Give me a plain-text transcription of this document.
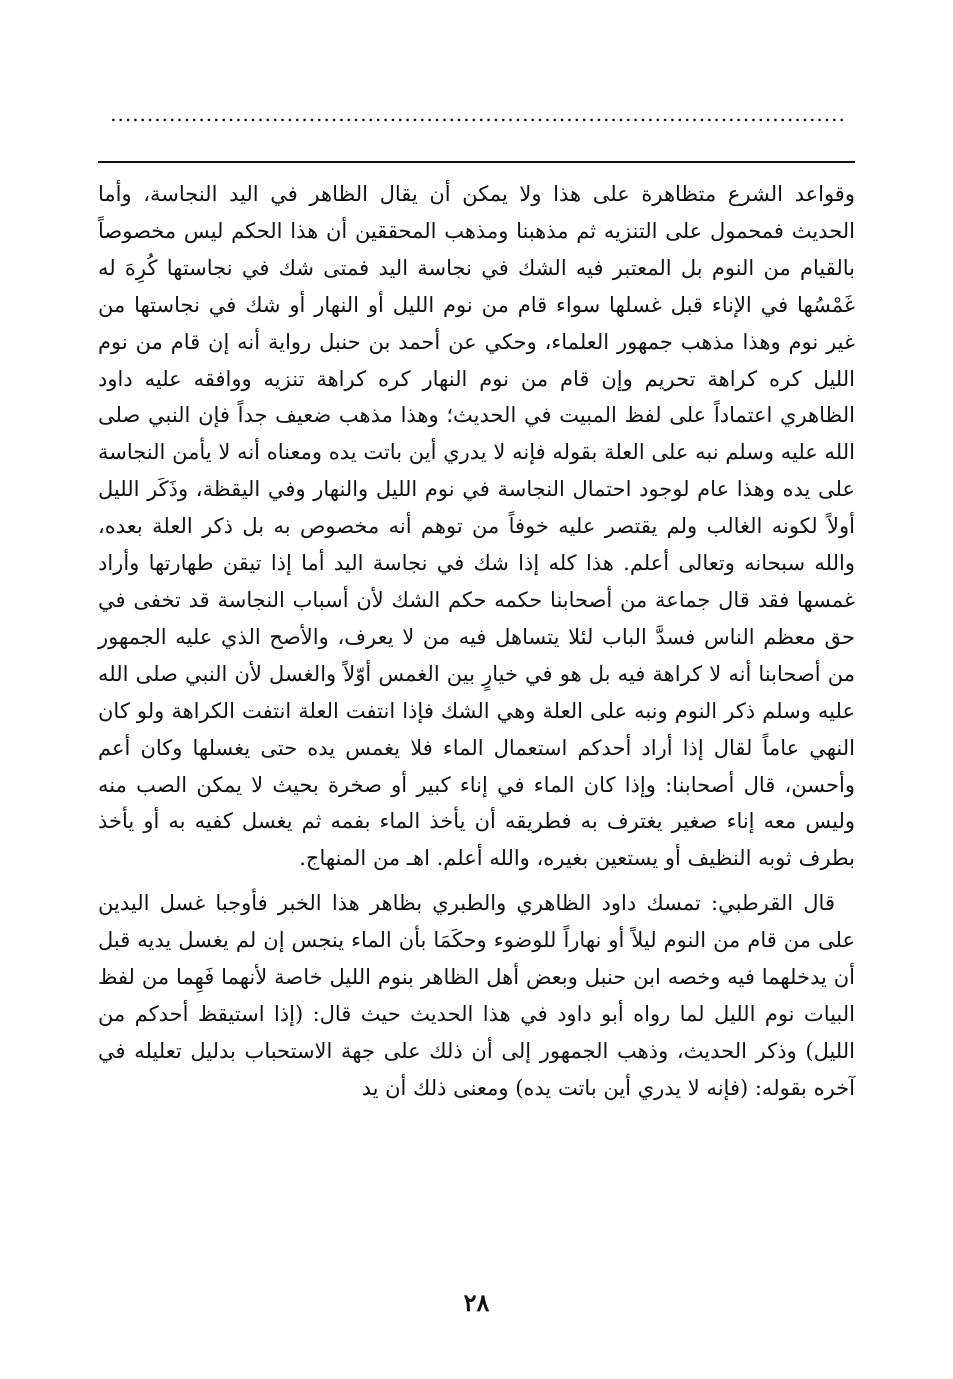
....................................................................................................

وقواعد الشرع متظاهرة على هذا ولا يمكن أن يقال الظاهر في اليد النجاسة، وأما الحديث فمحمول على التنزيه ثم مذهبنا ومذهب المحققين أن هذا الحكم ليس مخصوصاً بالقيام من النوم بل المعتبر فيه الشك في نجاسة اليد فمتى شك في نجاستها كُرِهَ له غَمْسُها في الإناء قبل غسلها سواء قام من نوم الليل أو النهار أو شك في نجاستها من غير نوم وهذا مذهب جمهور العلماء، وحكي عن أحمد بن حنبل رواية أنه إن قام من نوم الليل كره كراهة تحريم وإن قام من نوم النهار كره كراهة تنزيه ووافقه عليه داود الظاهري اعتماداً على لفظ المبيت في الحديث؛ وهذا مذهب ضعيف جداً فإن النبي صلى الله عليه وسلم نبه على العلة بقوله فإنه لا يدري أين باتت يده ومعناه أنه لا يأمن النجاسة على يده وهذا عام لوجود احتمال النجاسة في نوم الليل والنهار وفي اليقظة، وذَكَر الليل أولاً لكونه الغالب ولم يقتصر عليه خوفاً من توهم أنه مخصوص به بل ذكر العلة بعده، والله سبحانه وتعالى أعلم. هذا كله إذا شك في نجاسة اليد أما إذا تيقن طهارتها وأراد غمسها فقد قال جماعة من أصحابنا حكمه حكم الشك لأن أسباب النجاسة قد تخفى في حق معظم الناس فسدَّ الباب لئلا يتساهل فيه من لا يعرف، والأصح الذي عليه الجمهور من أصحابنا أنه لا كراهة فيه بل هو في خيارٍ بين الغمس أوّلاً والغسل لأن النبي صلى الله عليه وسلم ذكر النوم ونبه على العلة وهي الشك فإذا انتفت العلة انتفت الكراهة ولو كان النهي عاماً لقال إذا أراد أحدكم استعمال الماء فلا يغمس يده حتى يغسلها وكان أعم وأحسن، قال أصحابنا: وإذا كان الماء في إناء كبير أو صخرة بحيث لا يمكن الصب منه وليس معه إناء صغير يغترف به فطريقه أن يأخذ الماء بفمه ثم يغسل كفيه به أو يأخذ بطرف ثوبه النظيف أو يستعين بغيره، والله أعلم. اهـ من المنهاج.

قال القرطبي: تمسك داود الظاهري والطبري بظاهر هذا الخبر فأوجبا غسل اليدين على من قام من النوم ليلاً أو نهاراً للوضوء وحكَمَا بأن الماء ينجس إن لم يغسل يديه قبل أن يدخلهما فيه وخصه ابن حنبل وبعض أهل الظاهر بنوم الليل خاصة لأنهما فَهِما من لفظ البيات نوم الليل لما رواه أبو داود في هذا الحديث حيث قال: (إذا استيقظ أحدكم من الليل) وذكر الحديث، وذهب الجمهور إلى أن ذلك على جهة الاستحباب بدليل تعليله في آخره بقوله: (فإنه لا يدري أين باتت يده) ومعنى ذلك أن يد

٢٨
